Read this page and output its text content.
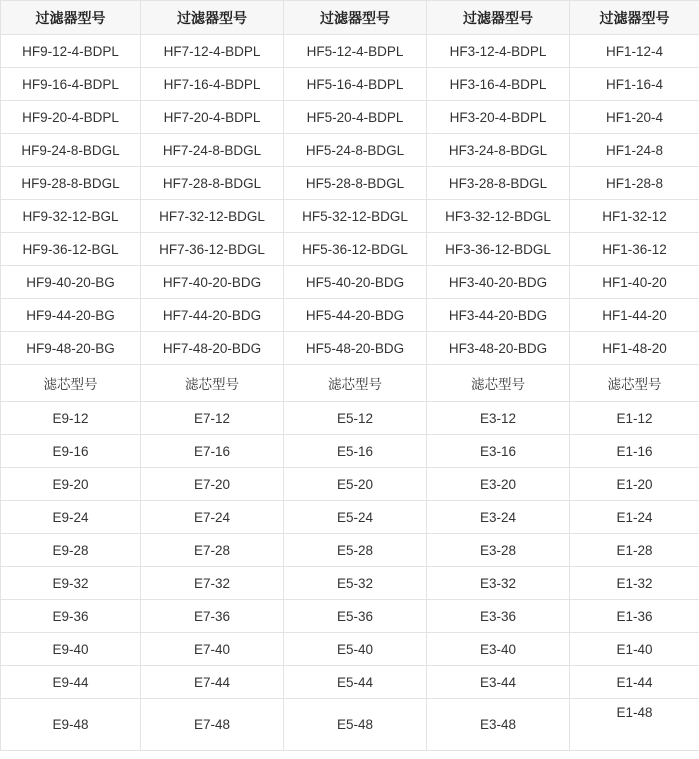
过滤器型号	过滤器型号	过滤器型号	过滤器型号	过滤器型号
HF9-12-4-BDPL	HF7-12-4-BDPL	HF5-12-4-BDPL	HF3-12-4-BDPL	HF1-12-4
HF9-16-4-BDPL	HF7-16-4-BDPL	HF5-16-4-BDPL	HF3-16-4-BDPL	HF1-16-4
HF9-20-4-BDPL	HF7-20-4-BDPL	HF5-20-4-BDPL	HF3-20-4-BDPL	HF1-20-4
HF9-24-8-BDGL	HF7-24-8-BDGL	HF5-24-8-BDGL	HF3-24-8-BDGL	HF1-24-8
HF9-28-8-BDGL	HF7-28-8-BDGL	HF5-28-8-BDGL	HF3-28-8-BDGL	HF1-28-8
HF9-32-12-BGL	HF7-32-12-BDGL	HF5-32-12-BDGL	HF3-32-12-BDGL	HF1-32-12
HF9-36-12-BGL	HF7-36-12-BDGL	HF5-36-12-BDGL	HF3-36-12-BDGL	HF1-36-12
HF9-40-20-BG	HF7-40-20-BDG	HF5-40-20-BDG	HF3-40-20-BDG	HF1-40-20
HF9-44-20-BG	HF7-44-20-BDG	HF5-44-20-BDG	HF3-44-20-BDG	HF1-44-20
HF9-48-20-BG	HF7-48-20-BDG	HF5-48-20-BDG	HF3-48-20-BDG	HF1-48-20
滤芯型号	滤芯型号	滤芯型号	滤芯型号	滤芯型号
E9-12	E7-12	E5-12	E3-12	E1-12
E9-16	E7-16	E5-16	E3-16	E1-16
E9-20	E7-20	E5-20	E3-20	E1-20
E9-24	E7-24	E5-24	E3-24	E1-24
E9-28	E7-28	E5-28	E3-28	E1-28
E9-32	E7-32	E5-32	E3-32	E1-32
E9-36	E7-36	E5-36	E3-36	E1-36
E9-40	E7-40	E5-40	E3-40	E1-40
E9-44	E7-44	E5-44	E3-44	E1-44
E9-48	E7-48	E5-48	E3-48	E1-48
